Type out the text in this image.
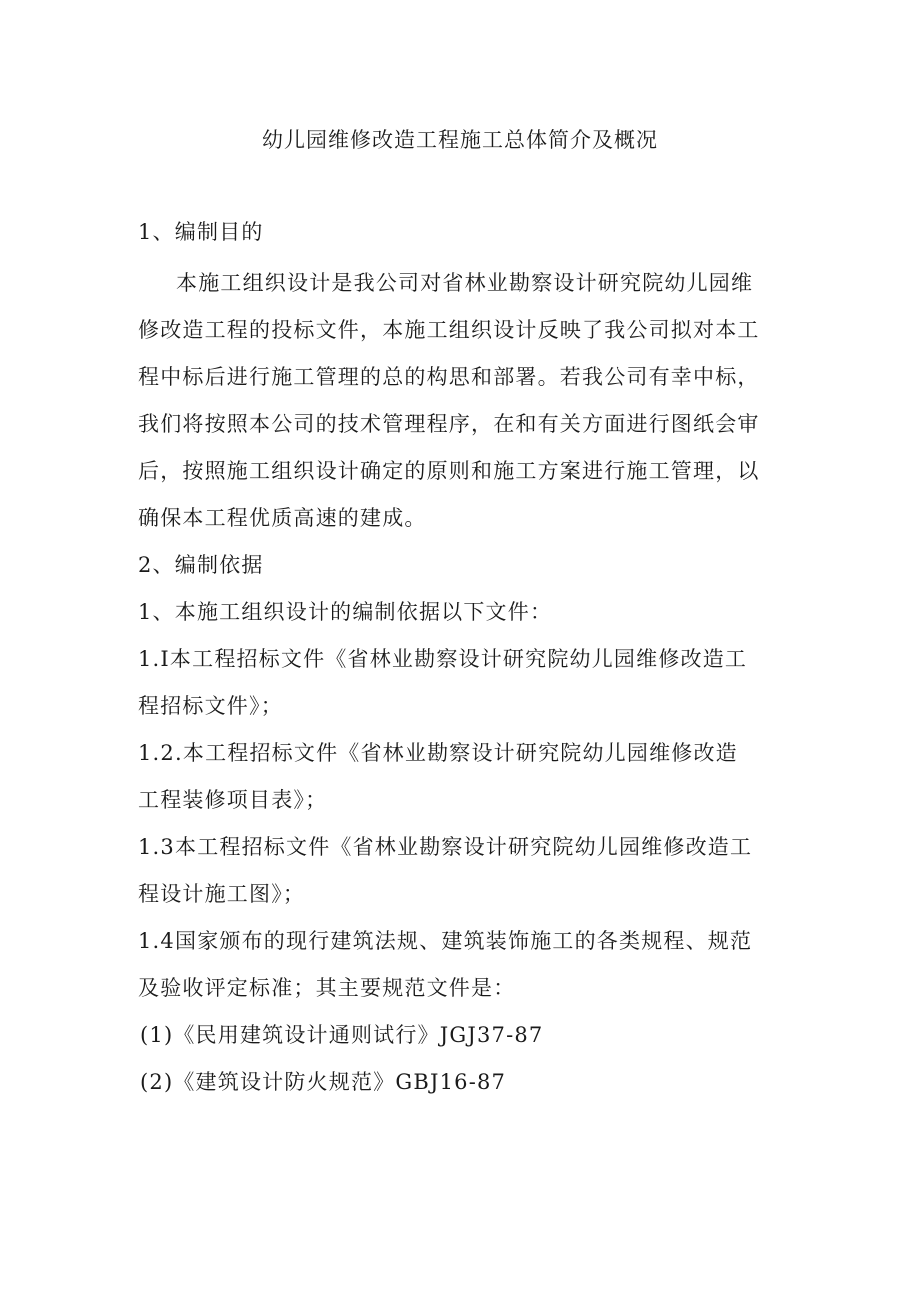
幼儿园维修改造工程施工总体简介及概况
1、编制目的
本施工组织设计是我公司对省林业勘察设计研究院幼儿园维
修改造工程的投标文件，本施工组织设计反映了我公司拟对本工
程中标后进行施工管理的总的构思和部署。若我公司有幸中标，
我们将按照本公司的技术管理程序，在和有关方面进行图纸会审
后，按照施工组织设计确定的原则和施工方案进行施工管理，以
确保本工程优质高速的建成。
2、编制依据
1、本施工组织设计的编制依据以下文件：
1.I本工程招标文件《省林业勘察设计研究院幼儿园维修改造工
程招标文件》；
1.2.本工程招标文件《省林业勘察设计研究院幼儿园维修改造
工程装修项目表》；
1.3本工程招标文件《省林业勘察设计研究院幼儿园维修改造工
程设计施工图》；
1.4国家颁布的现行建筑法规、建筑装饰施工的各类规程、规范
及验收评定标准；其主要规范文件是：
(1)《民用建筑设计通则试行》JGJ37-87
(2)《建筑设计防火规范》GBJ16-87
